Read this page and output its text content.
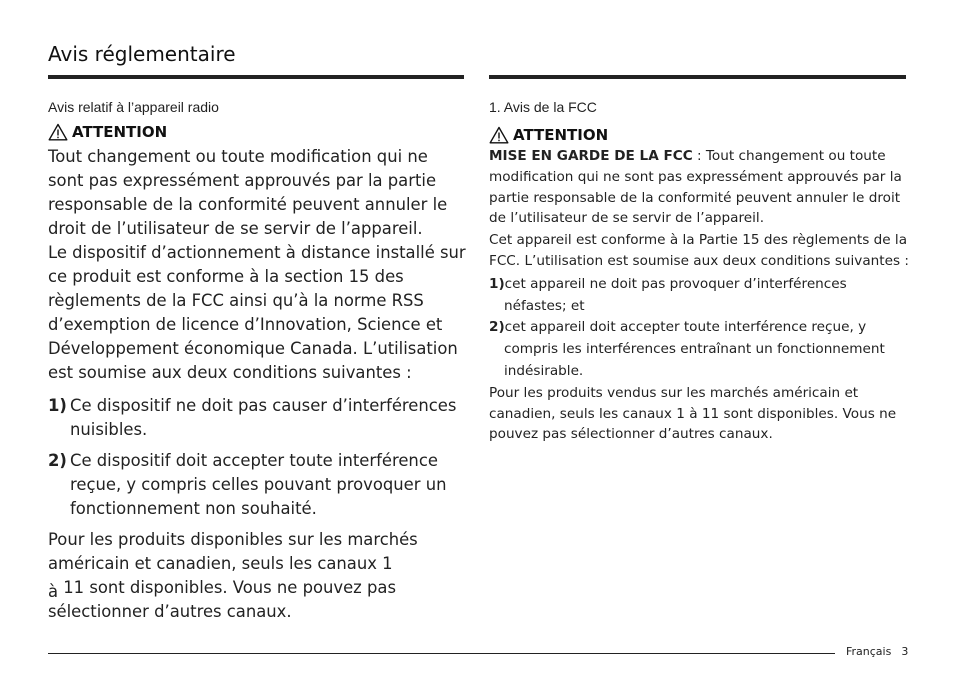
Avis réglementaire
Avis relatif à l’appareil radio
ATTENTION

Tout changement ou toute modification qui ne sont pas expressément approuvés par la partie responsable de la conformité peuvent annuler le droit de l’utilisateur de se servir de l’appareil.

Le dispositif d’actionnement à distance installé sur ce produit est conforme à la section 15 des règlements de la FCC ainsi qu’à la norme RSS d’exemption de licence d’Innovation, Science et Développement économique Canada. L’utilisation est soumise aux deux conditions suivantes :

1) Ce dispositif ne doit pas causer d’interférences nuisibles.
2) Ce dispositif doit accepter toute interférence reçue, y compris celles pouvant provoquer un fonctionnement non souhaité.
Pour les produits disponibles sur les marchés
américain et canadien, seuls les canaux 1
à 11 sont disponibles. Vous ne pouvez pas
sélectionner d’autres canaux.
1. Avis de la FCC
ATTENTION

MISE EN GARDE DE LA FCC : Tout changement ou toute modification qui ne sont pas expressément approuvés par la partie responsable de la conformité peuvent annuler le droit de l’utilisateur de se servir de l’appareil.

Cet appareil est conforme à la Partie 15 des règlements de la FCC. L’utilisation est soumise aux deux conditions suivantes :

1)cet appareil ne doit pas provoquer d’interférences néfastes; et
2)cet appareil doit accepter toute interférence reçue, y compris les interférences entraînant un fonctionnement indésirable.

Pour les produits vendus sur les marchés américain et canadien, seuls les canaux 1 à 11 sont disponibles. Vous ne pouvez pas sélectionner d’autres canaux.

Français 3
